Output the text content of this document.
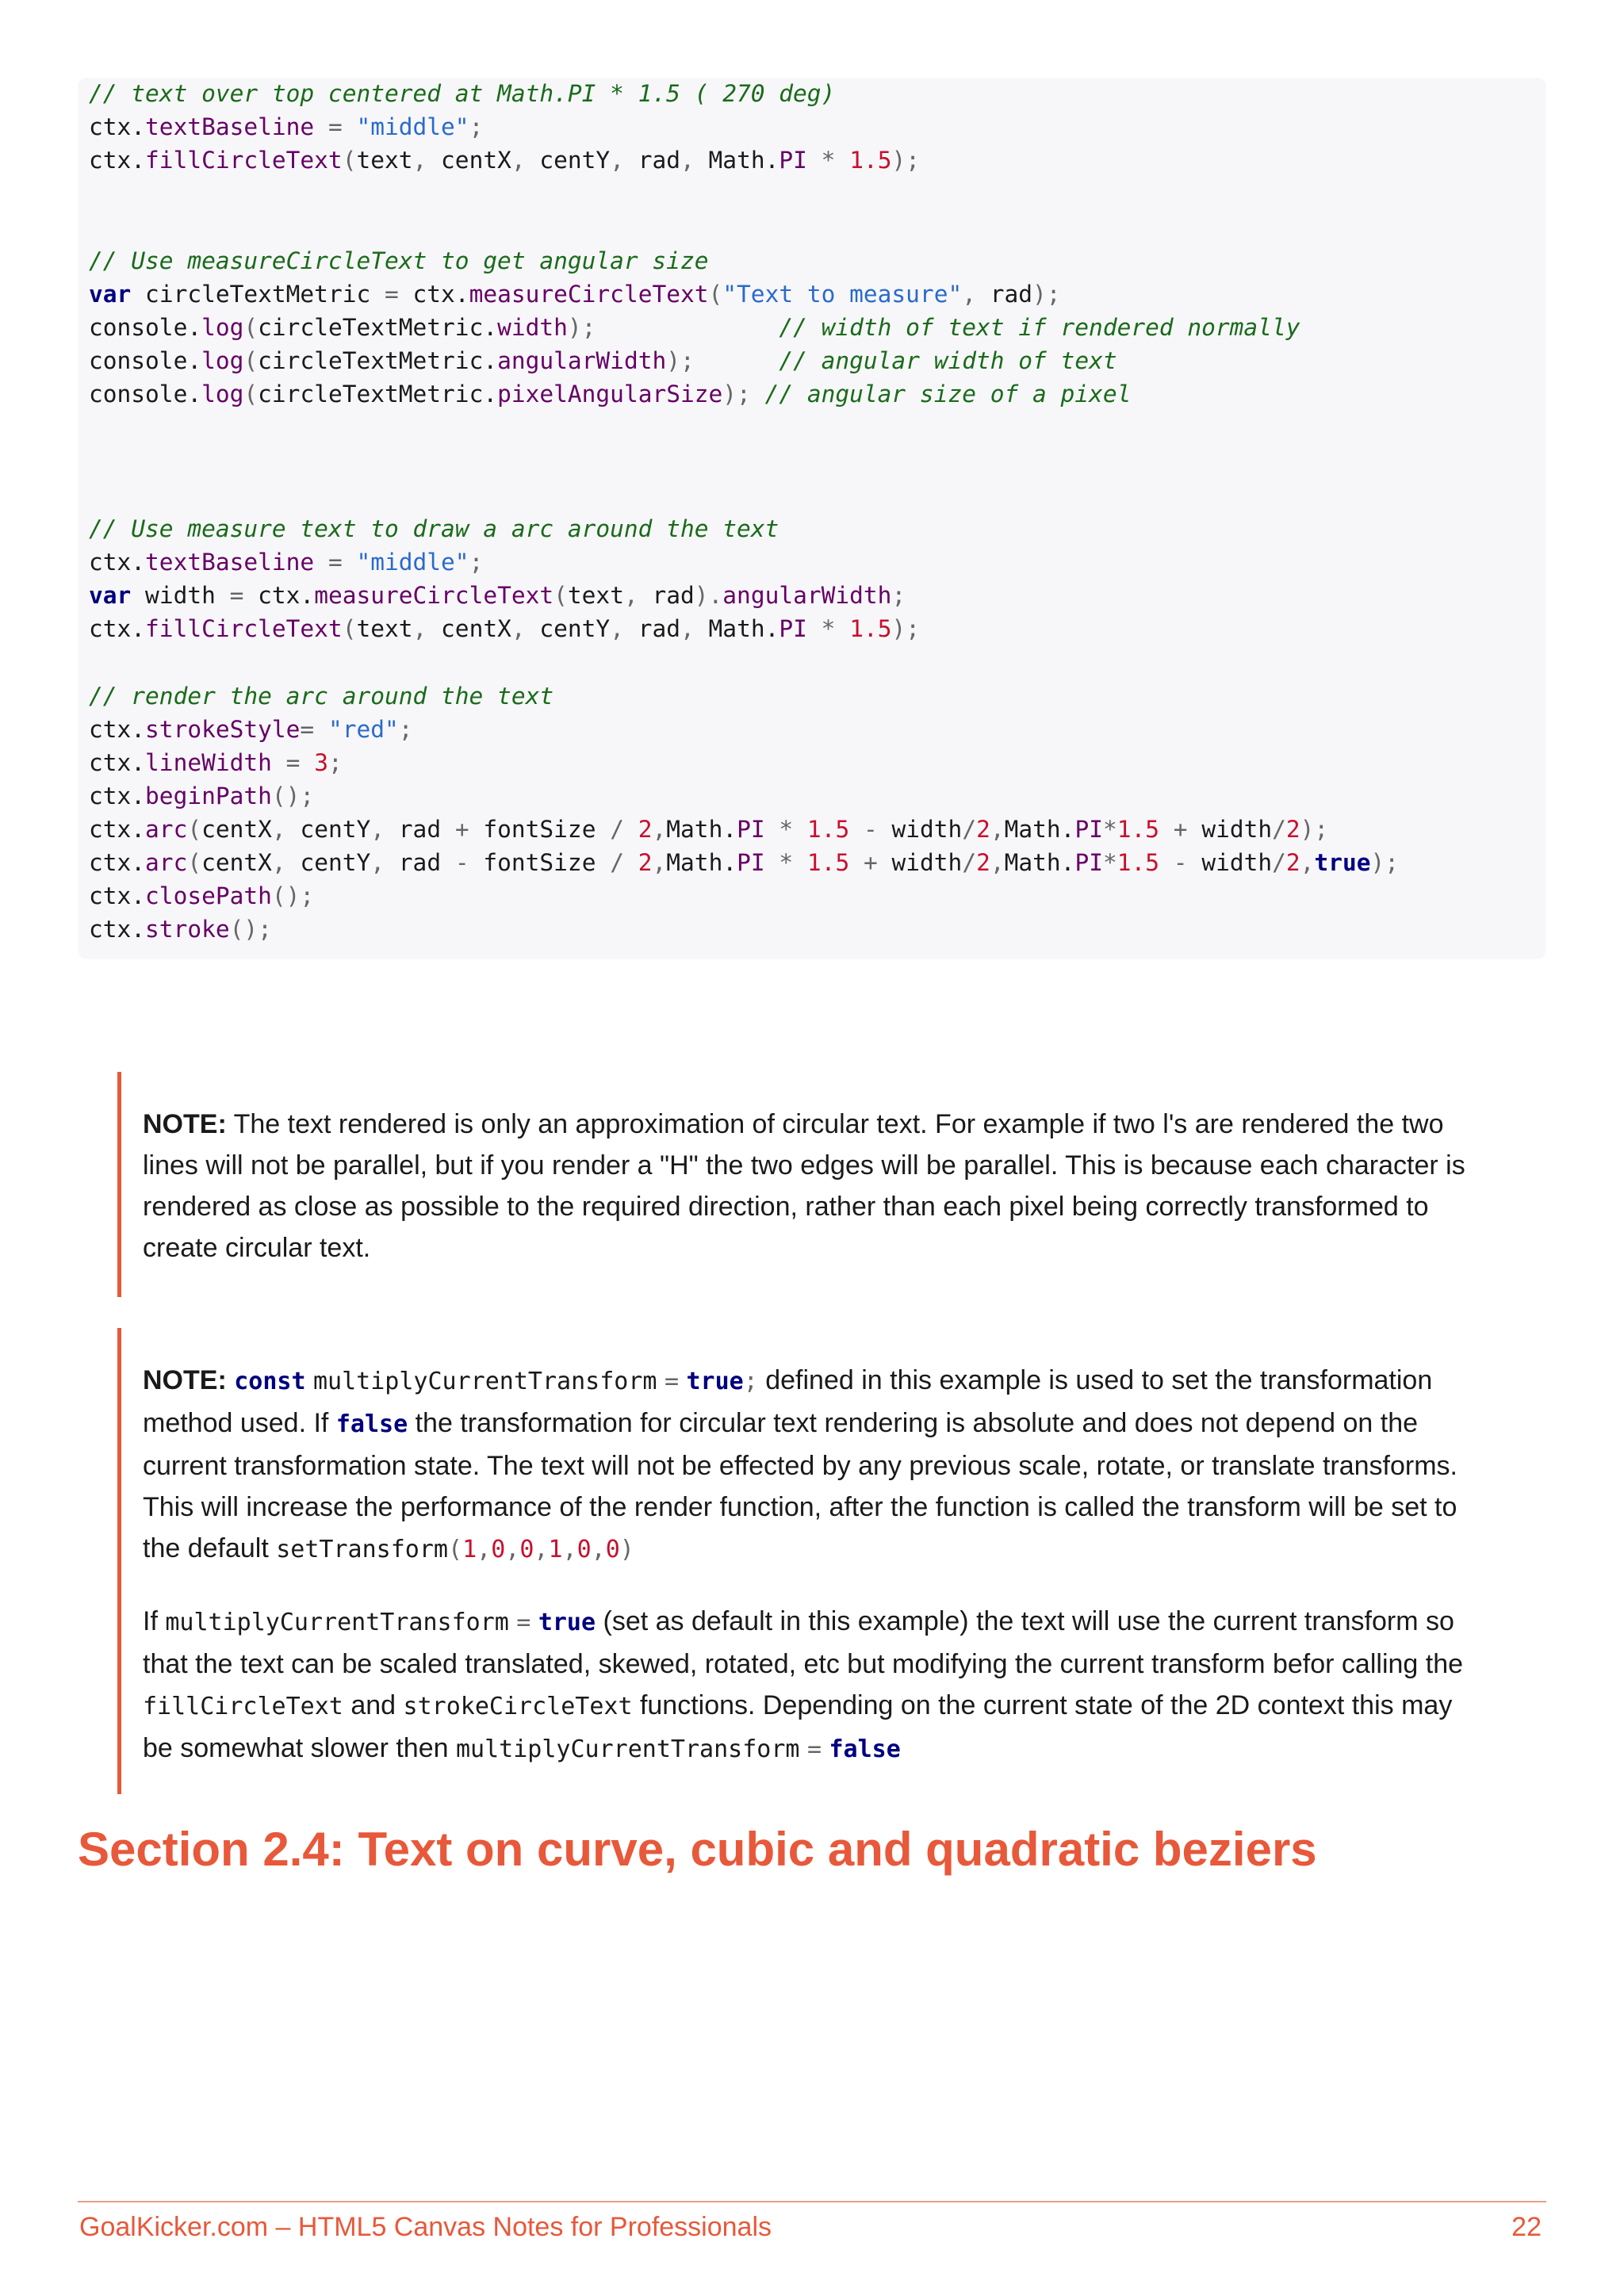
// text over top centered at Math.PI * 1.5 ( 270 deg)
ctx.textBaseline = "middle";
ctx.fillCircleText(text, centX, centY, rad, Math.PI * 1.5);
// Use measureCircleText to get angular size
var circleTextMetric = ctx.measureCircleText("Text to measure", rad);
console.log(circleTextMetric.width);	// width of text if rendered normally
console.log(circleTextMetric.angularWidth);	// angular width of text
console.log(circleTextMetric.pixelAngularSize); // angular size of a pixel
// Use measure text to draw a arc around the text
ctx.textBaseline = "middle";
var width = ctx.measureCircleText(text, rad).angularWidth;
ctx.fillCircleText(text, centX, centY, rad, Math.PI * 1.5);
// render the arc around the text
ctx.strokeStyle= "red";
ctx.lineWidth = 3;
ctx.beginPath();
ctx.arc(centX, centY, rad + fontSize / 2,Math.PI * 1.5 - width/2,Math.PI*1.5 + width/2);
ctx.arc(centX, centY, rad - fontSize / 2,Math.PI * 1.5 + width/2,Math.PI*1.5 - width/2,true);
ctx.closePath();
ctx.stroke();
NOTE: The text rendered is only an approximation of circular text. For example if two l's are rendered the two lines will not be parallel, but if you render a "H" the two edges will be parallel. This is because each character is rendered as close as possible to the required direction, rather than each pixel being correctly transformed to create circular text.
NOTE: const multiplyCurrentTransform = true; defined in this example is used to set the transformation method used. If false the transformation for circular text rendering is absolute and does not depend on the current transformation state. The text will not be effected by any previous scale, rotate, or translate transforms. This will increase the performance of the render function, after the function is called the transform will be set to the default setTransform(1,0,0,1,0,0)
If multiplyCurrentTransform = true (set as default in this example) the text will use the current transform so that the text can be scaled translated, skewed, rotated, etc but modifying the current transform befor calling the fillCircleText and strokeCircleText functions. Depending on the current state of the 2D context this may be somewhat slower then multiplyCurrentTransform = false
Section 2.4: Text on curve, cubic and quadratic beziers
GoalKicker.com – HTML5 Canvas Notes for Professionals	22
